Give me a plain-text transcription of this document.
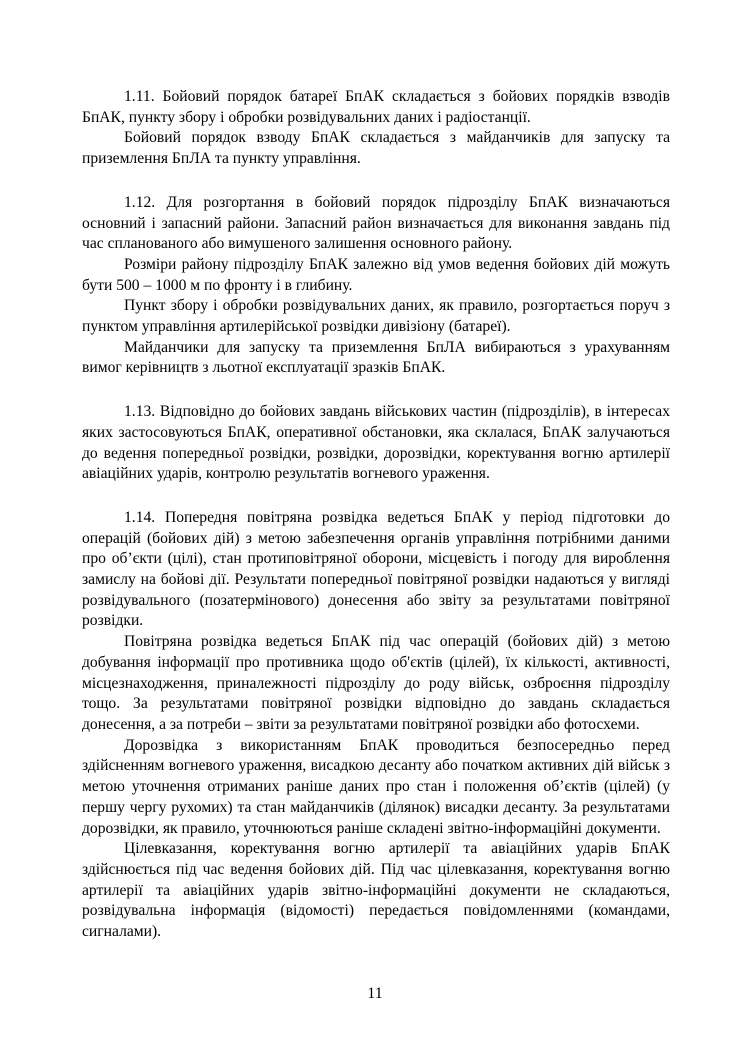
1.11. Бойовий порядок батареї БпАК складається з бойових порядків взводів БпАК, пункту збору і обробки розвідувальних даних і радіостанції.

Бойовий порядок взводу БпАК складається з майданчиків для запуску та приземлення БпЛА та пункту управління.

1.12. Для розгортання в бойовий порядок підрозділу БпАК визначаються основний і запасний райони. Запасний район визначається для виконання завдань під час спланованого або вимушеного залишення основного району.

Розміри району підрозділу БпАК залежно від умов ведення бойових дій можуть бути 500 – 1000 м по фронту і в глибину.

Пункт збору і обробки розвідувальних даних, як правило, розгортається поруч з пунктом управління артилерійської розвідки дивізіону (батареї).

Майданчики для запуску та приземлення БпЛА вибираються з урахуванням вимог керівництв з льотної експлуатації зразків БпАК.

1.13. Відповідно до бойових завдань військових частин (підрозділів), в інтересах яких застосовуються БпАК, оперативної обстановки, яка склалася, БпАК залучаються до ведення попередньої розвідки, розвідки, дорозвідки, коректування вогню артилерії авіаційних ударів, контролю результатів вогневого ураження.

1.14. Попередня повітряна розвідка ведеться БпАК у період підготовки до операцій (бойових дій) з метою забезпечення органів управління потрібними даними про об’єкти (цілі), стан протиповітряної оборони, місцевість і погоду для вироблення замислу на бойові дії. Результати попередньої повітряної розвідки надаються у вигляді розвідувального (позатермінового) донесення або звіту за результатами повітряної розвідки.

Повітряна розвідка ведеться БпАК під час операцій (бойових дій) з метою добування інформації про противника щодо об'єктів (цілей), їх кількості, активності, місцезнаходження, приналежності підрозділу до роду військ, озброєння підрозділу тощо. За результатами повітряної розвідки відповідно до завдань складається донесення, а за потреби – звіти за результатами повітряної розвідки або фотосхеми.

Дорозвідка з використанням БпАК проводиться безпосередньо перед здійсненням вогневого ураження, висадкою десанту або початком активних дій військ з метою уточнення отриманих раніше даних про стан і положення об’єктів (цілей) (у першу чергу рухомих) та стан майданчиків (ділянок) висадки десанту. За результатами дорозвідки, як правило, уточнюються раніше складені звітно-інформаційні документи.

Цілевказання, коректування вогню артилерії та авіаційних ударів БпАК здійснюється під час ведення бойових дій. Під час цілевказання, коректування вогню артилерії та авіаційних ударів звітно-інформаційні документи не складаються, розвідувальна інформація (відомості) передається повідомленнями (командами, сигналами).

11
